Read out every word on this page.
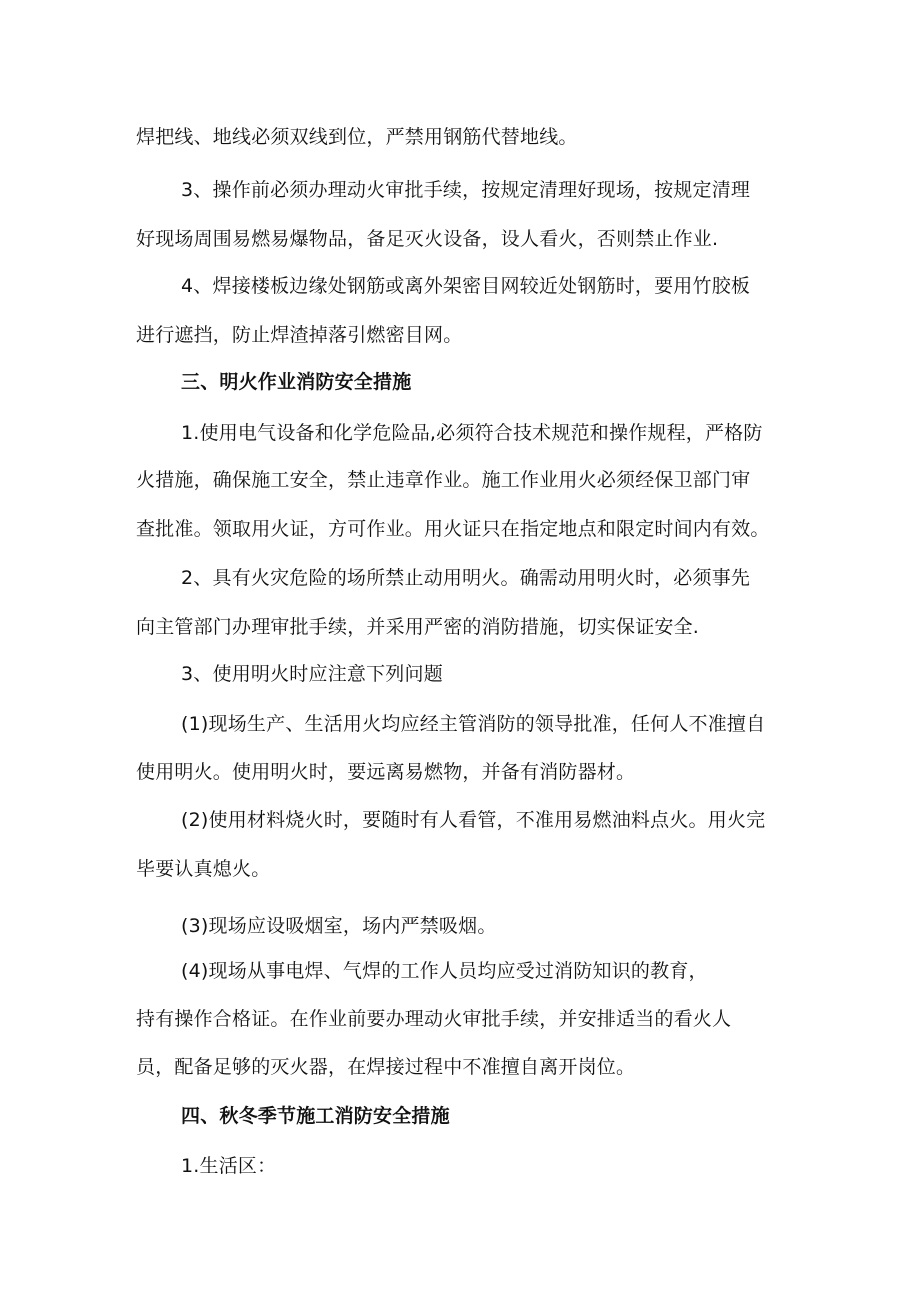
焊把线、地线必须双线到位，严禁用钢筋代替地线。
3、操作前必须办理动火审批手续，按规定清理好现场，按规定清理
好现场周围易燃易爆物品，备足灭火设备，设人看火，否则禁止作业.
4、焊接楼板边缘处钢筋或离外架密目网较近处钢筋时，要用竹胶板
进行遮挡，防止焊渣掉落引燃密目网。
三、明火作业消防安全措施
1.使用电气设备和化学危险品,必须符合技术规范和操作规程，严格防
火措施，确保施工安全，禁止违章作业。施工作业用火必须经保卫部门审
查批准。领取用火证，方可作业。用火证只在指定地点和限定时间内有效。
2、具有火灾危险的场所禁止动用明火。确需动用明火时，必须事先
向主管部门办理审批手续，并采用严密的消防措施，切实保证安全.
3、使用明火时应注意下列问题
(1)现场生产、生活用火均应经主管消防的领导批准，任何人不准擅自
使用明火。使用明火时，要远离易燃物，并备有消防器材。
(2)使用材料烧火时，要随时有人看管，不准用易燃油料点火。用火完
毕要认真熄火。
(3)现场应设吸烟室，场内严禁吸烟。
(4)现场从事电焊、气焊的工作人员均应受过消防知识的教育，
持有操作合格证。在作业前要办理动火审批手续，并安排适当的看火人
员，配备足够的灭火器，在焊接过程中不准擅自离开岗位。
四、秋冬季节施工消防安全措施
1.生活区：
